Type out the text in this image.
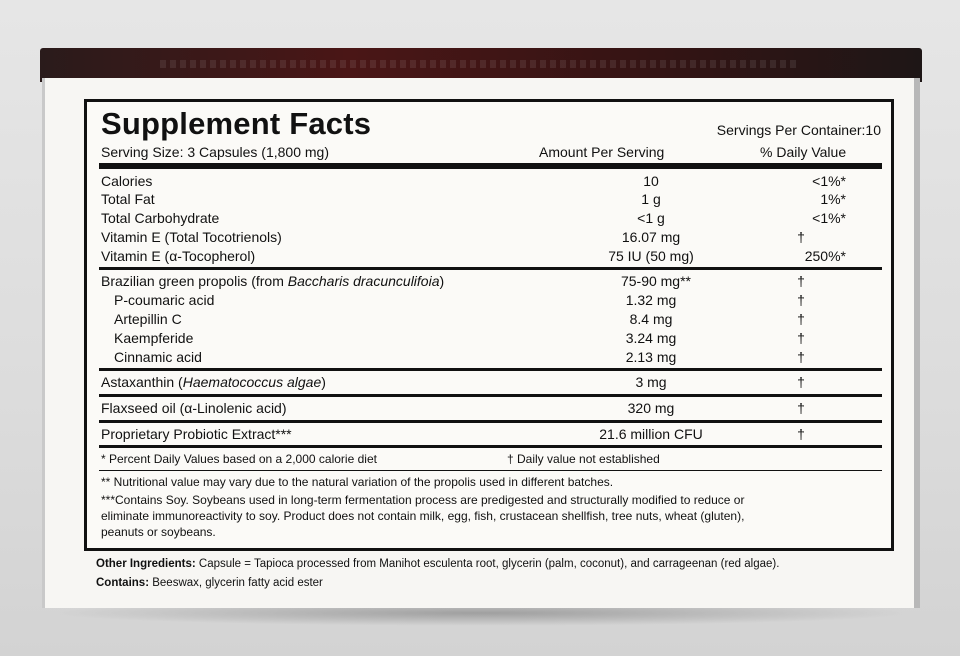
Supplement Facts	Servings Per Container:10
Serving Size: 3 Capsules (1,800 mg)	Amount Per Serving	% Daily Value
Calories	10	<1%*
Total Fat	1 g	1%*
Total Carbohydrate	<1 g	<1%*
Vitamin E (Total Tocotrienols)	16.07 mg	†
Vitamin E (α-Tocopherol)	75 IU (50 mg)	250%*
Brazilian green propolis (from Baccharis dracunculifoia)	75-90 mg**	†
P-coumaric acid	1.32 mg	†
Artepillin C	8.4 mg	†
Kaempferide	3.24 mg	†
Cinnamic acid	2.13 mg	†
Astaxanthin (Haematococcus algae)	3 mg	†
Flaxseed oil (α-Linolenic acid)	320 mg	†
Proprietary Probiotic Extract***	21.6 million CFU	†
* Percent Daily Values based on a 2,000 calorie diet	† Daily value not established
** Nutritional value may vary due to the natural variation of the propolis used in different batches.
***Contains Soy. Soybeans used in long-term fermentation process are predigested and structurally modified to reduce or
eliminate immunoreactivity to soy. Product does not contain milk, egg, fish, crustacean shellfish, tree nuts, wheat (gluten),
peanuts or soybeans.
Other Ingredients: Capsule = Tapioca processed from Manihot esculenta root, glycerin (palm, coconut), and carrageenan (red algae).
Contains: Beeswax, glycerin fatty acid ester
